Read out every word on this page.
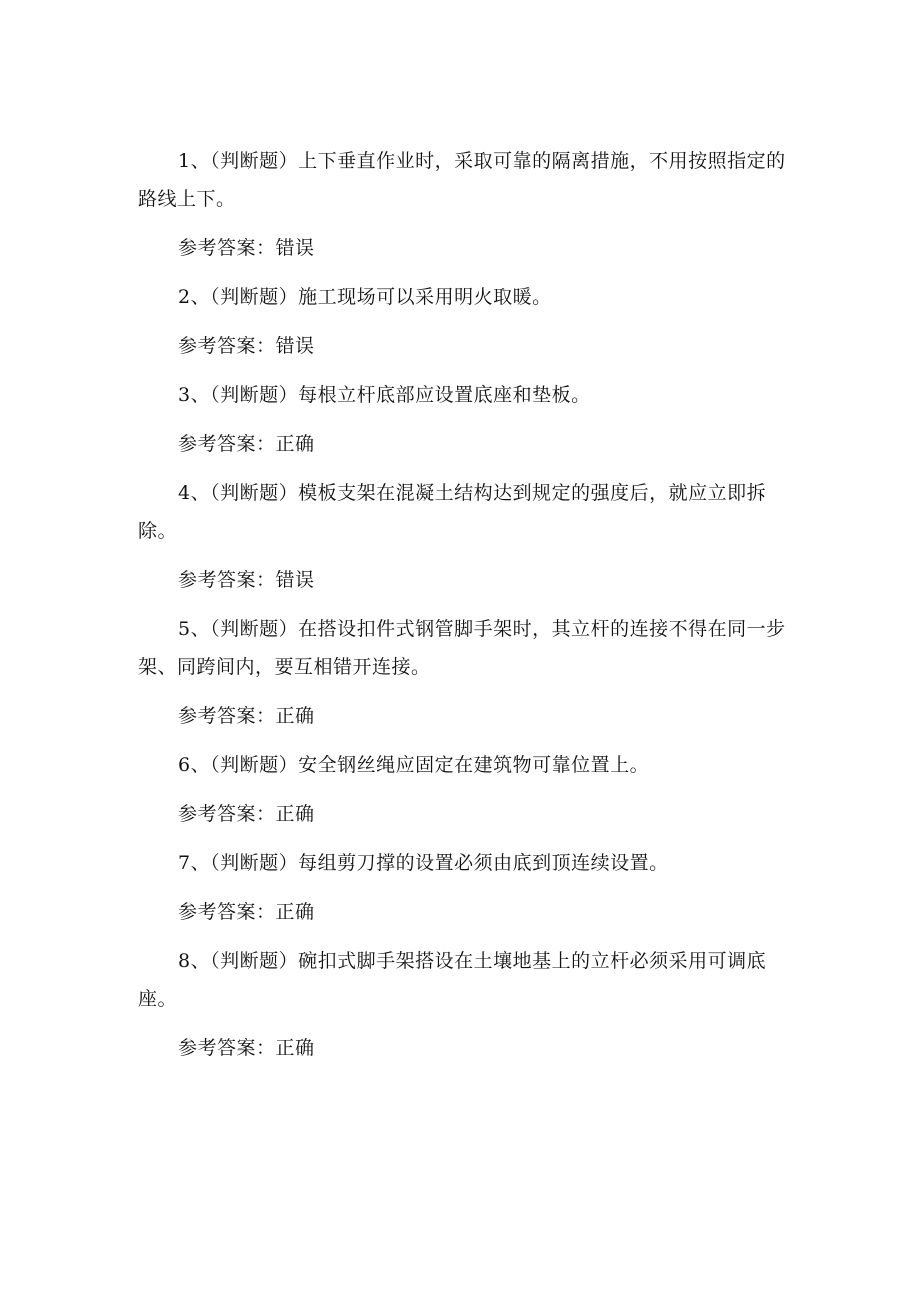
1、（判断题）上下垂直作业时，采取可靠的隔离措施，不用按照指定的路线上下。

参考答案：错误

2、（判断题）施工现场可以采用明火取暖。

参考答案：错误

3、（判断题）每根立杆底部应设置底座和垫板。

参考答案：正确

4、（判断题）模板支架在混凝土结构达到规定的强度后，就应立即拆除。

参考答案：错误

5、（判断题）在搭设扣件式钢管脚手架时，其立杆的连接不得在同一步架、同跨间内，要互相错开连接。

参考答案：正确

6、（判断题）安全钢丝绳应固定在建筑物可靠位置上。

参考答案：正确

7、（判断题）每组剪刀撑的设置必须由底到顶连续设置。

参考答案：正确

8、（判断题）碗扣式脚手架搭设在土壤地基上的立杆必须采用可调底座。

参考答案：正确
